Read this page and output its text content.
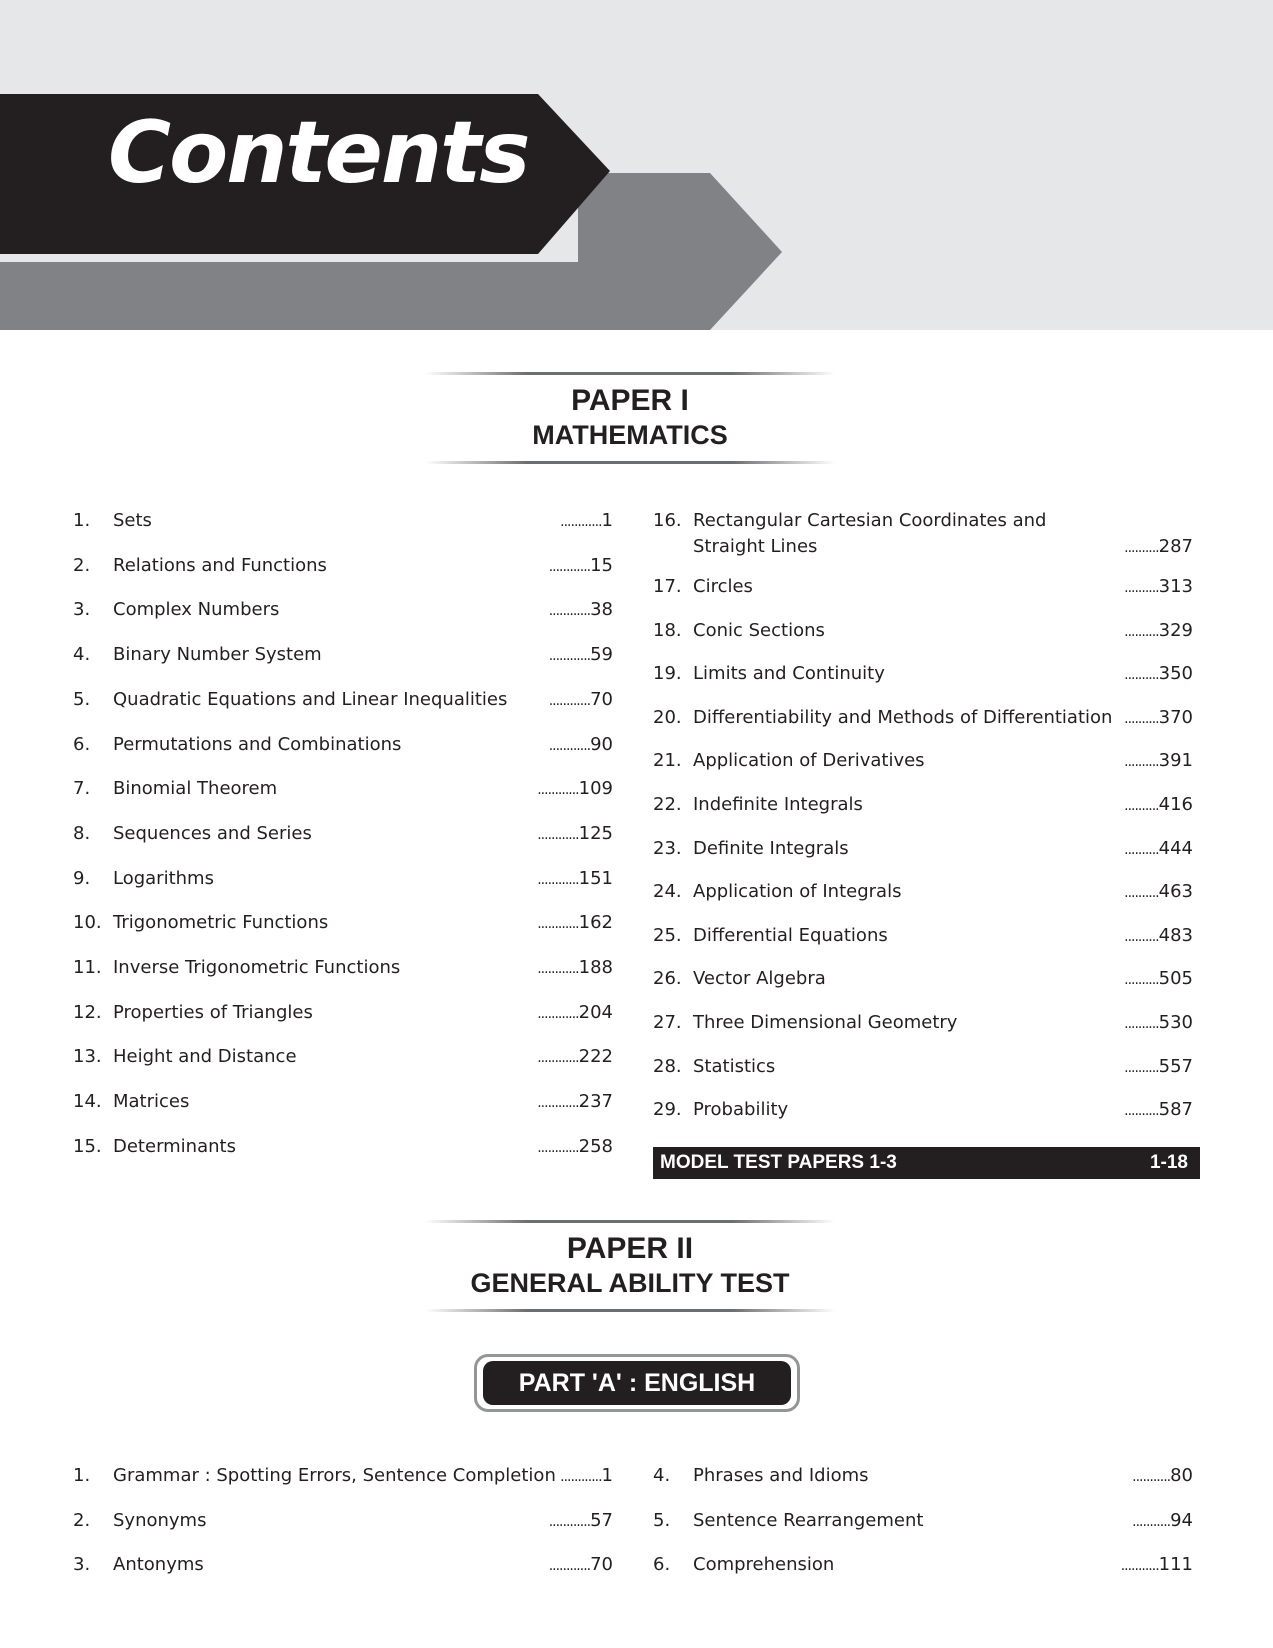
Contents
PAPER I
MATHEMATICS
1. Sets	............1
2. Relations and Functions	............15
3. Complex Numbers	............38
4. Binary Number System	............59
5. Quadratic Equations and Linear Inequalities	............70
6. Permutations and Combinations	............90
7. Binomial Theorem	............109
8. Sequences and Series	............125
9. Logarithms	............151
10. Trigonometric Functions	............162
11. Inverse Trigonometric Functions	............188
12. Properties of Triangles	............204
13. Height and Distance	............222
14. Matrices	............237
15. Determinants	............258
16. Rectangular Cartesian Coordinates and
Straight Lines	..........287
17. Circles	..........313
18. Conic Sections	..........329
19. Limits and Continuity	..........350
20. Differentiability and Methods of Differentiation ..........370
21. Application of Derivatives	..........391
22. Indefinite Integrals	..........416
23. Definite Integrals	..........444
24. Application of Integrals	..........463
25. Differential Equations	..........483
26. Vector Algebra	..........505
27. Three Dimensional Geometry	..........530
28. Statistics	..........557
29. Probability	..........587
MODEL TEST PAPERS 1-3	1-18
PAPER II
GENERAL ABILITY TEST
PART 'A' : ENGLISH
1. Grammar : Spotting Errors, Sentence Completion ............1
2. Synonyms	............57
3. Antonyms	............70
4. Phrases and Idioms	...........80
5. Sentence Rearrangement	...........94
6. Comprehension	...........111
